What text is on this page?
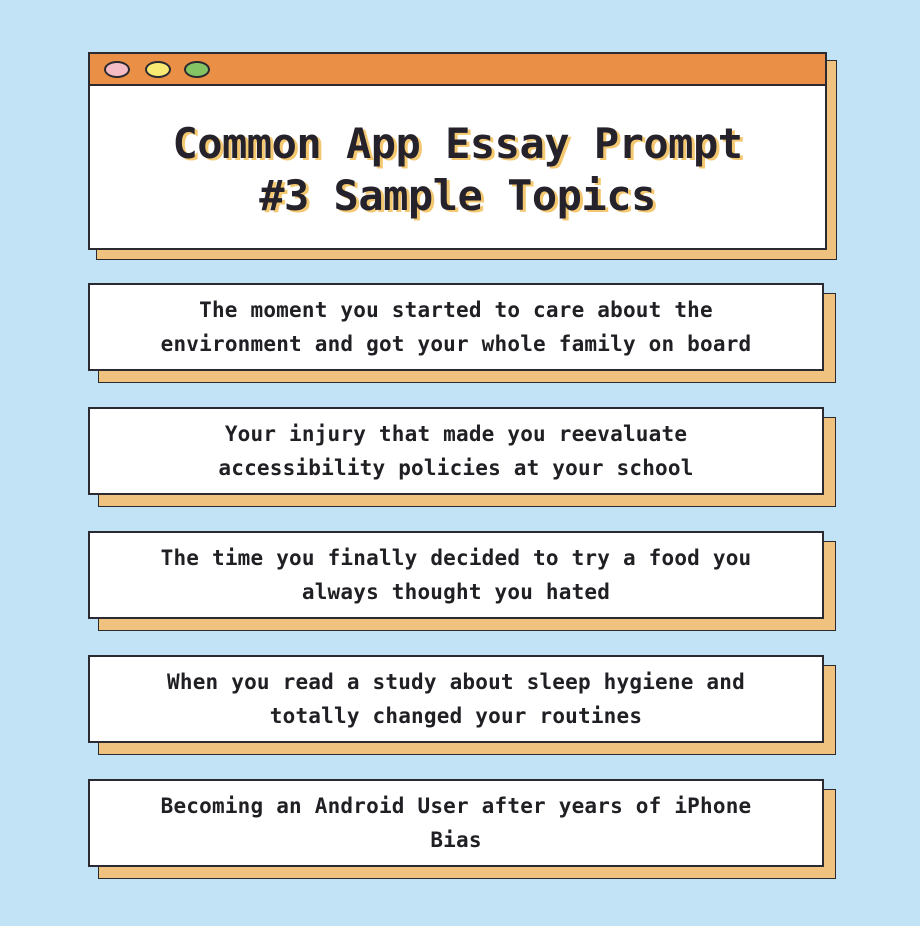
Common App Essay Prompt
#3 Sample Topics
The moment you started to care about the
environment and got your whole family on board
Your injury that made you reevaluate
accessibility policies at your school
The time you finally decided to try a food you
always thought you hated
When you read a study about sleep hygiene and
totally changed your routines
Becoming an Android User after years of iPhone
Bias
